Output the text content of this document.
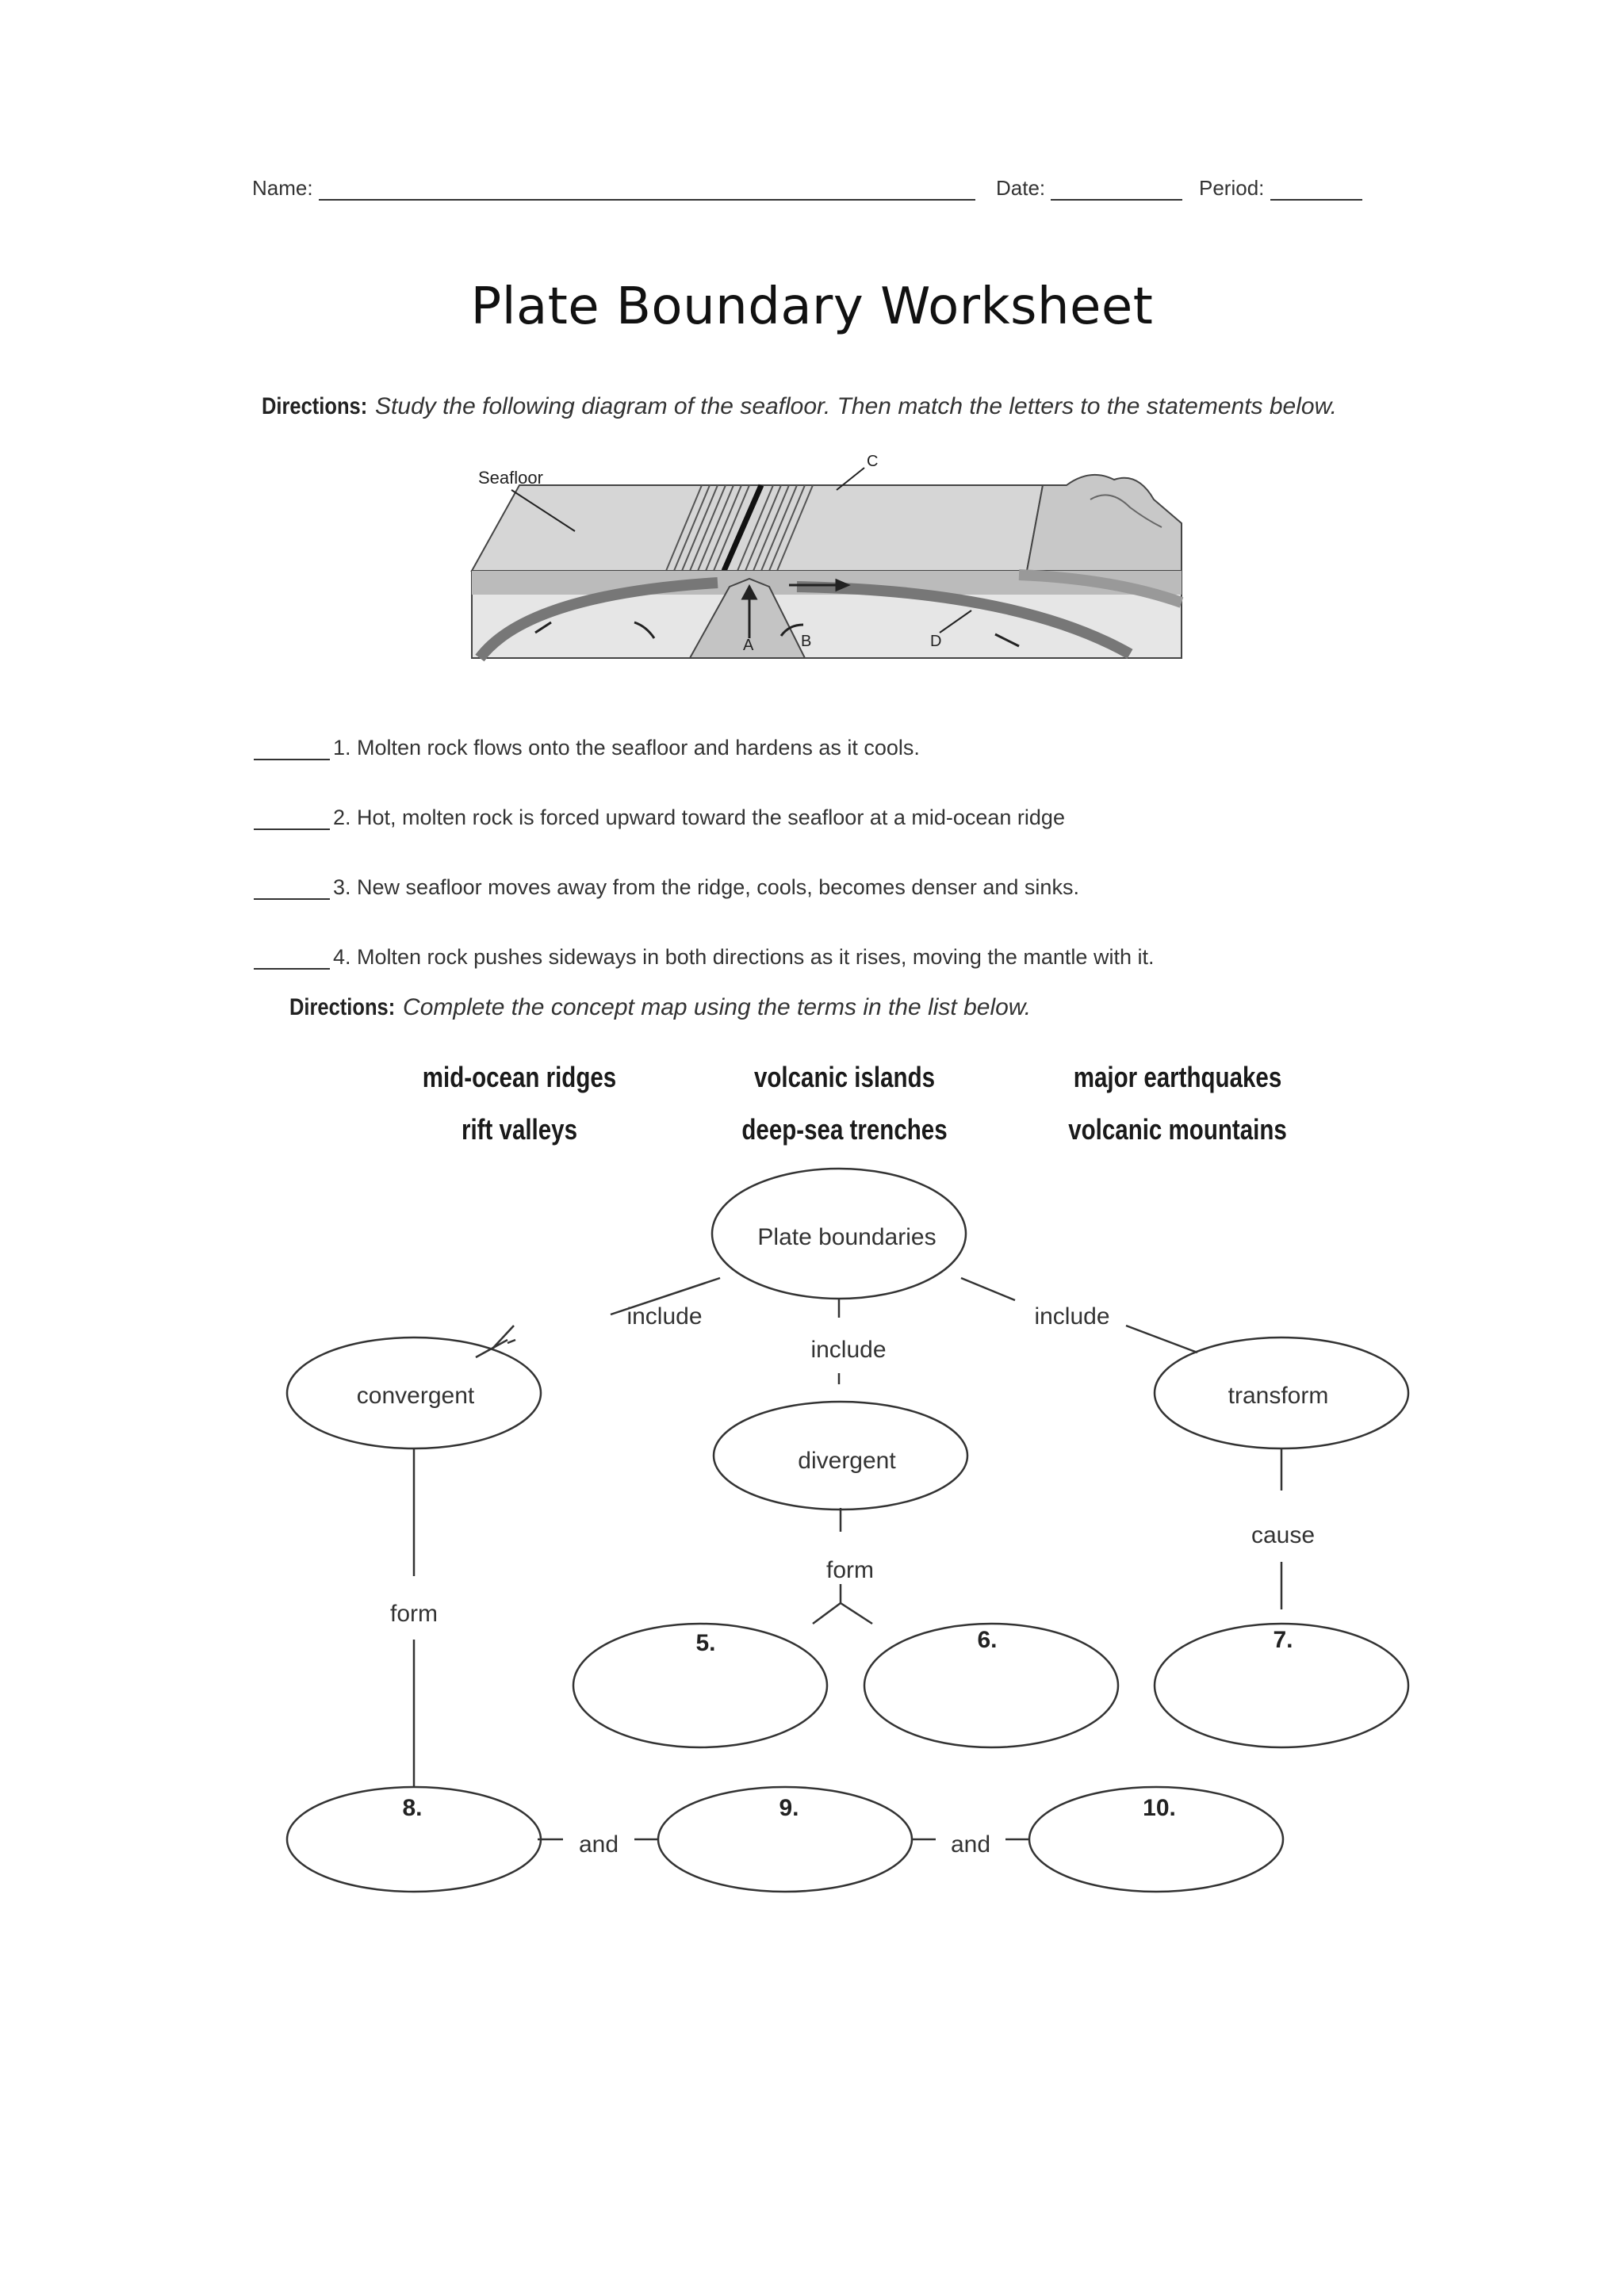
Name:	Date:	Period:
Plate Boundary Worksheet
Directions: Study the following diagram of the seafloor. Then match the letters to the statements below.
Seafloor
C
A	B	D
1. Molten rock flows onto the seafloor and hardens as it cools.
2. Hot, molten rock is forced upward toward the seafloor at a mid-ocean ridge
3. New seafloor moves away from the ridge, cools, becomes denser and sinks.
4. Molten rock pushes sideways in both directions as it rises, moving the mantle with it.
Directions: Complete the concept map using the terms in the list below.
mid-ocean ridges	volcanic islands	major earthquakes
rift valleys	deep-sea trenches	volcanic mountains
Plate boundaries
include
include
include
convergent
divergent
transform
form
form
cause
and	and
5.	6.	7.
8.	9.	10.
